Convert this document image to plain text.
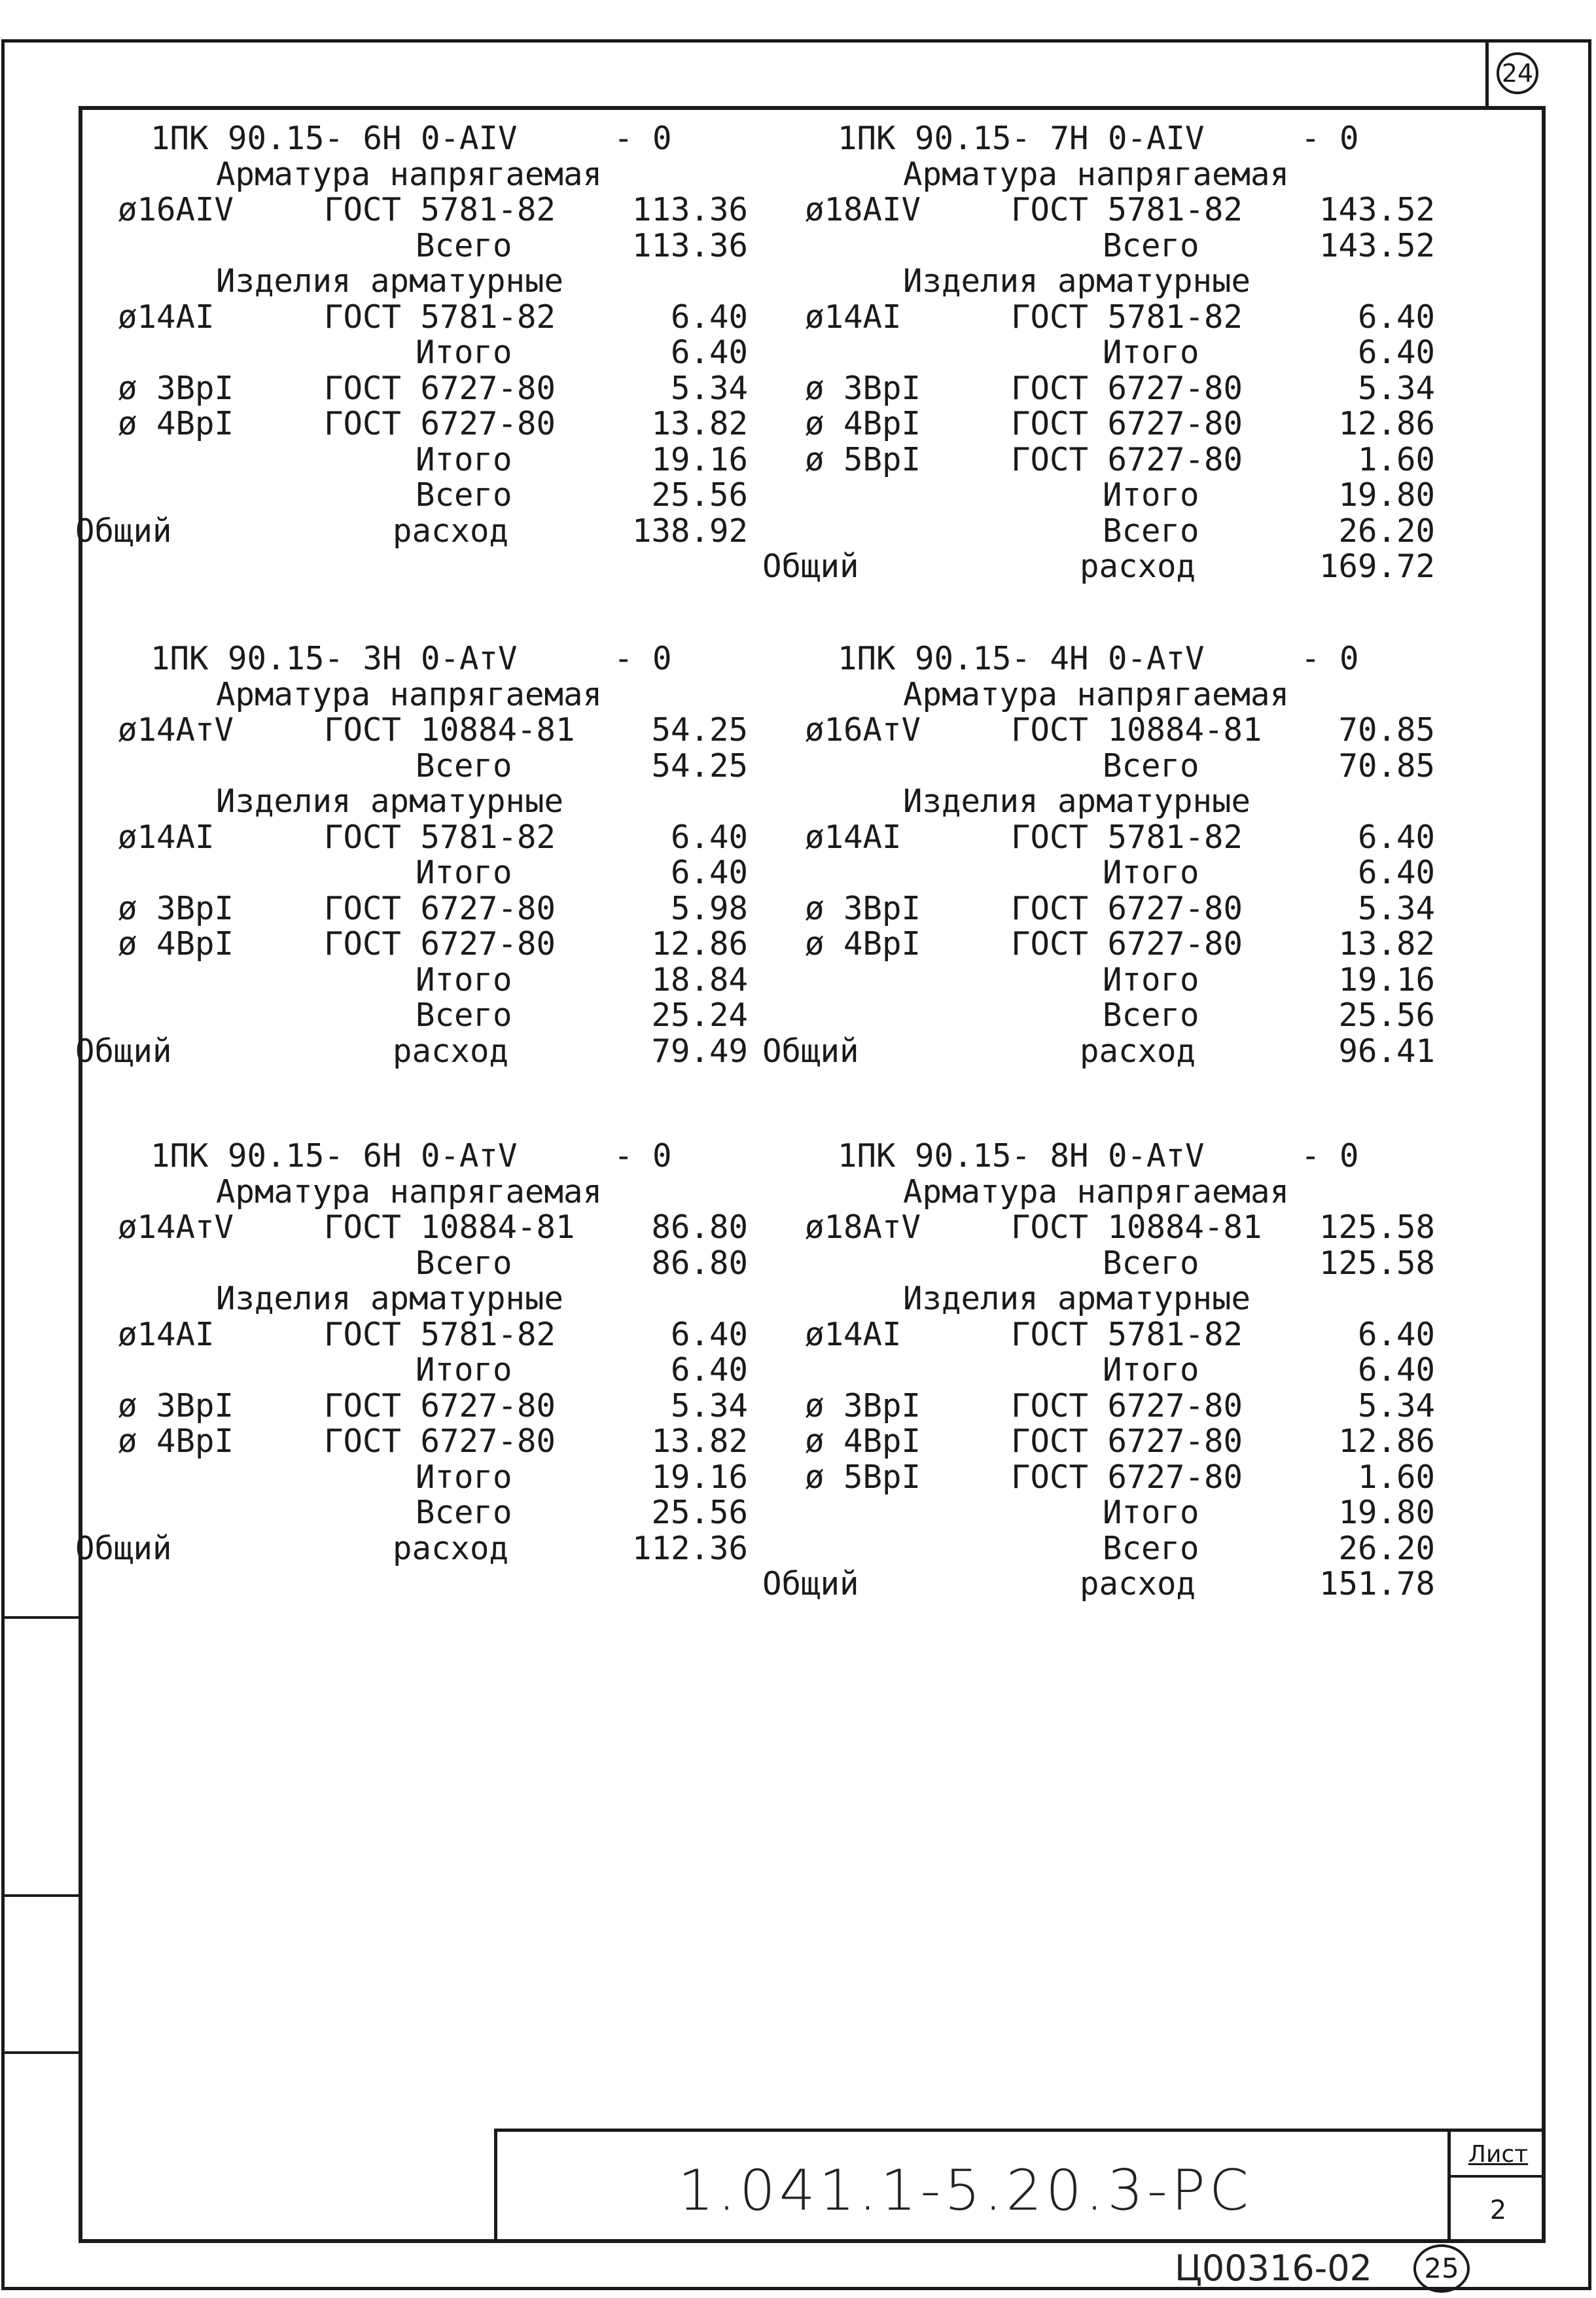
24
1ПК 90.15- 6Н 0-AIV     - 0
Арматура напрягаемая
ø16AIV	ГОСТ 5781-82	113.36
Всего	113.36
Изделия арматурные
ø14AI	ГОСТ 5781-82	6.40
Итого	6.40
ø 3ВрI	ГОСТ 6727-80	5.34
ø 4ВрI	ГОСТ 6727-80	13.82
Итого	19.16
Всего	25.56
Общий	расход	138.92
1ПК 90.15- 7Н 0-AIV     - 0
Арматура напрягаемая
ø18AIV	ГОСТ 5781-82	143.52
Всего	143.52
Изделия арматурные
ø14AI	ГОСТ 5781-82	6.40
Итого	6.40
ø 3ВрI	ГОСТ 6727-80	5.34
ø 4ВрI	ГОСТ 6727-80	12.86
ø 5ВрI	ГОСТ 6727-80	1.60
Итого	19.80
Всего	26.20
Общий	расход	169.72
1ПК 90.15- 3Н 0-АтV     - 0
Арматура напрягаемая
ø14АтV	ГОСТ 10884-81	54.25
Всего	54.25
Изделия арматурные
ø14AI	ГОСТ 5781-82	6.40
Итого	6.40
ø 3ВрI	ГОСТ 6727-80	5.98
ø 4ВрI	ГОСТ 6727-80	12.86
Итого	18.84
Всего	25.24
Общий	расход	79.49
1ПК 90.15- 4Н 0-АтV     - 0
Арматура напрягаемая
ø16АтV	ГОСТ 10884-81	70.85
Всего	70.85
Изделия арматурные
ø14AI	ГОСТ 5781-82	6.40
Итого	6.40
ø 3ВрI	ГОСТ 6727-80	5.34
ø 4ВрI	ГОСТ 6727-80	13.82
Итого	19.16
Всего	25.56
Общий	расход	96.41
1ПК 90.15- 6Н 0-АтV     - 0
Арматура напрягаемая
ø14АтV	ГОСТ 10884-81	86.80
Всего	86.80
Изделия арматурные
ø14AI	ГОСТ 5781-82	6.40
Итого	6.40
ø 3ВрI	ГОСТ 6727-80	5.34
ø 4ВрI	ГОСТ 6727-80	13.82
Итого	19.16
Всего	25.56
Общий	расход	112.36
1ПК 90.15- 8Н 0-АтV     - 0
Арматура напрягаемая
ø18АтV	ГОСТ 10884-81	125.58
Всего	125.58
Изделия арматурные
ø14AI	ГОСТ 5781-82	6.40
Итого	6.40
ø 3ВрI	ГОСТ 6727-80	5.34
ø 4ВрI	ГОСТ 6727-80	12.86
ø 5ВрI	ГОСТ 6727-80	1.60
Итого	19.80
Всего	26.20
Общий	расход	151.78
1.041.1-5.20.3-РС
Лист
2
Ц00316-02	25
